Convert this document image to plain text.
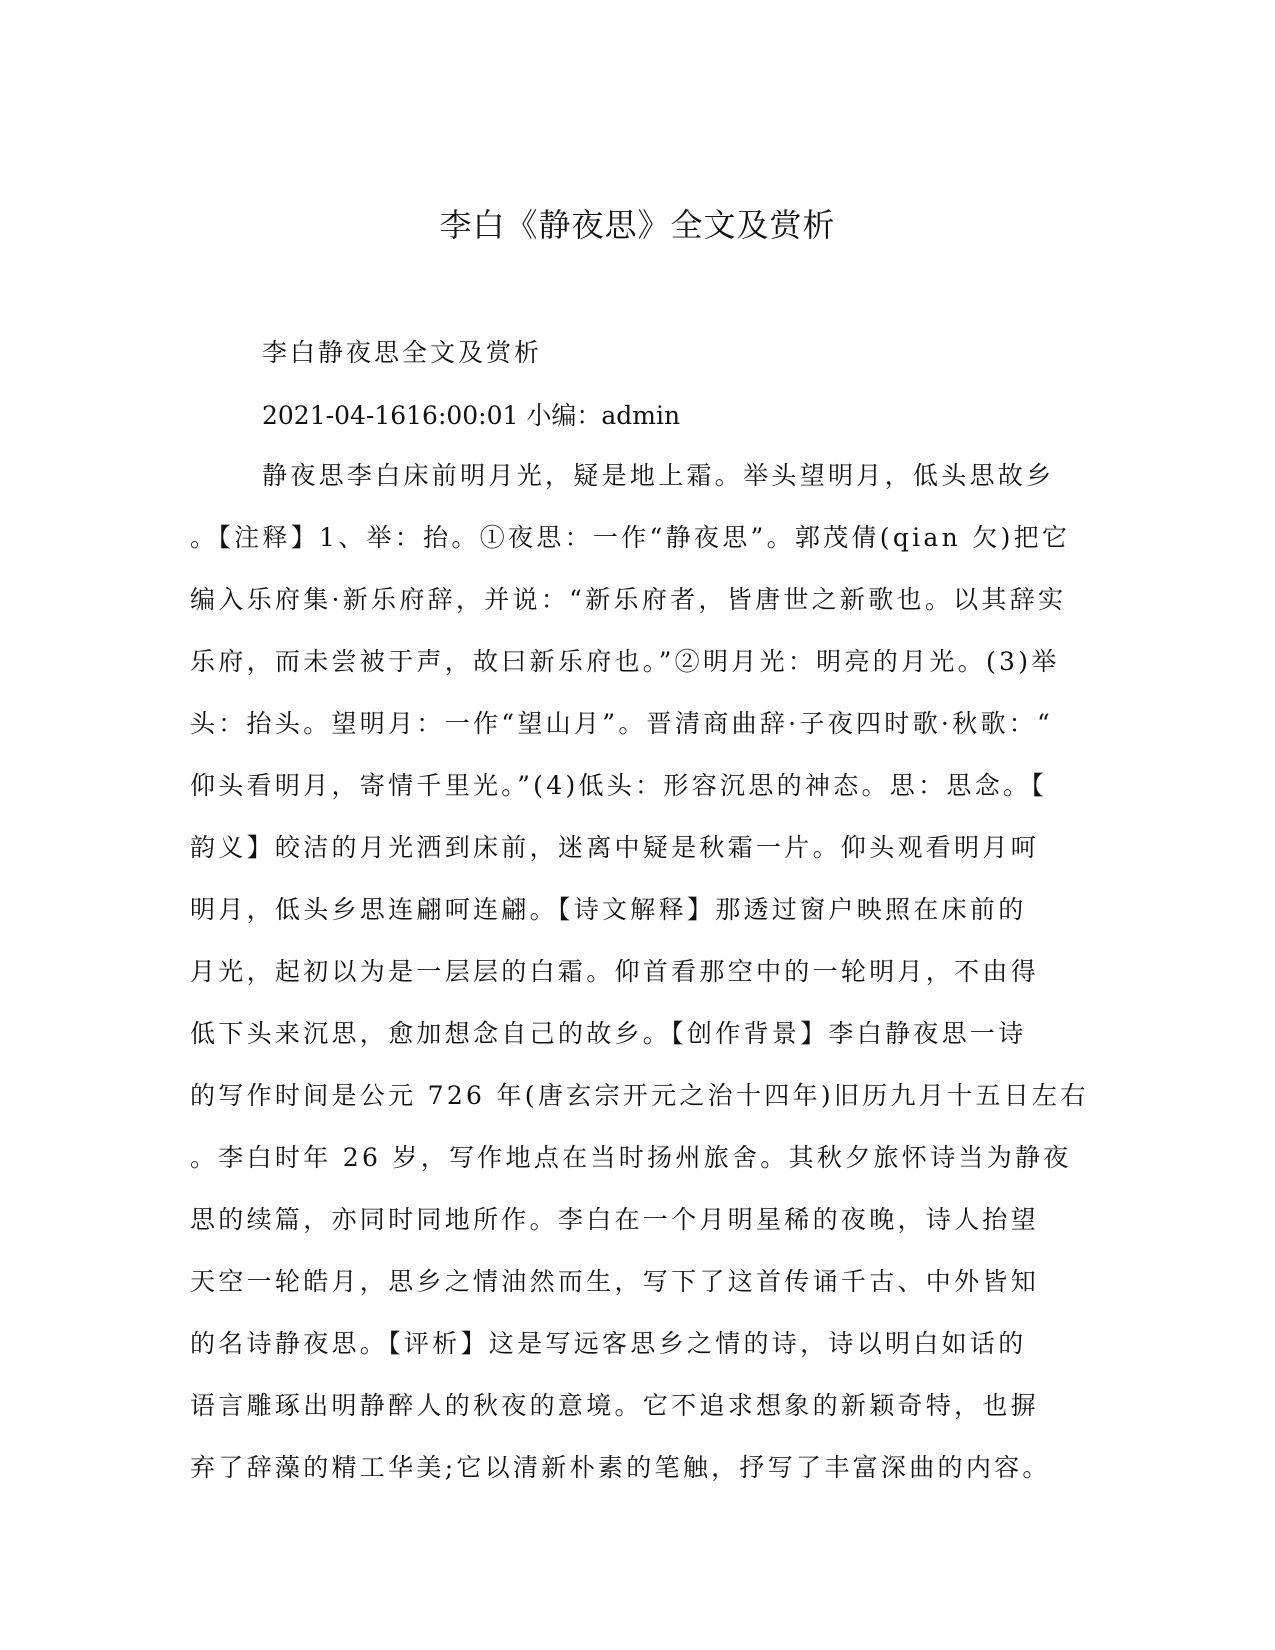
李白《静夜思》全文及赏析
李白静夜思全文及赏析
2021-04-1616:00:01 小编：admin
静夜思李白床前明月光，疑是地上霜。举头望明月，低头思故乡
。【注释】1、举：抬。①夜思：一作“静夜思”。郭茂倩(qian 欠)把它
编入乐府集·新乐府辞，并说：“新乐府者，皆唐世之新歌也。以其辞实
乐府，而未尝被于声，故曰新乐府也。”②明月光：明亮的月光。(3)举
头：抬头。望明月：一作“望山月”。晋清商曲辞·子夜四时歌·秋歌：“
仰头看明月，寄情千里光。”(4)低头：形容沉思的神态。思：思念。【
韵义】皎洁的月光洒到床前，迷离中疑是秋霜一片。仰头观看明月呵
明月，低头乡思连翩呵连翩。【诗文解释】那透过窗户映照在床前的
月光，起初以为是一层层的白霜。仰首看那空中的一轮明月，不由得
低下头来沉思，愈加想念自己的故乡。【创作背景】李白静夜思一诗
的写作时间是公元 726 年(唐玄宗开元之治十四年)旧历九月十五日左右
。李白时年 26 岁，写作地点在当时扬州旅舍。其秋夕旅怀诗当为静夜
思的续篇，亦同时同地所作。李白在一个月明星稀的夜晚，诗人抬望
天空一轮皓月，思乡之情油然而生，写下了这首传诵千古、中外皆知
的名诗静夜思。【评析】这是写远客思乡之情的诗，诗以明白如话的
语言雕琢出明静醉人的秋夜的意境。它不追求想象的新颖奇特，也摒
弃了辞藻的精工华美;它以清新朴素的笔触，抒写了丰富深曲的内容。
